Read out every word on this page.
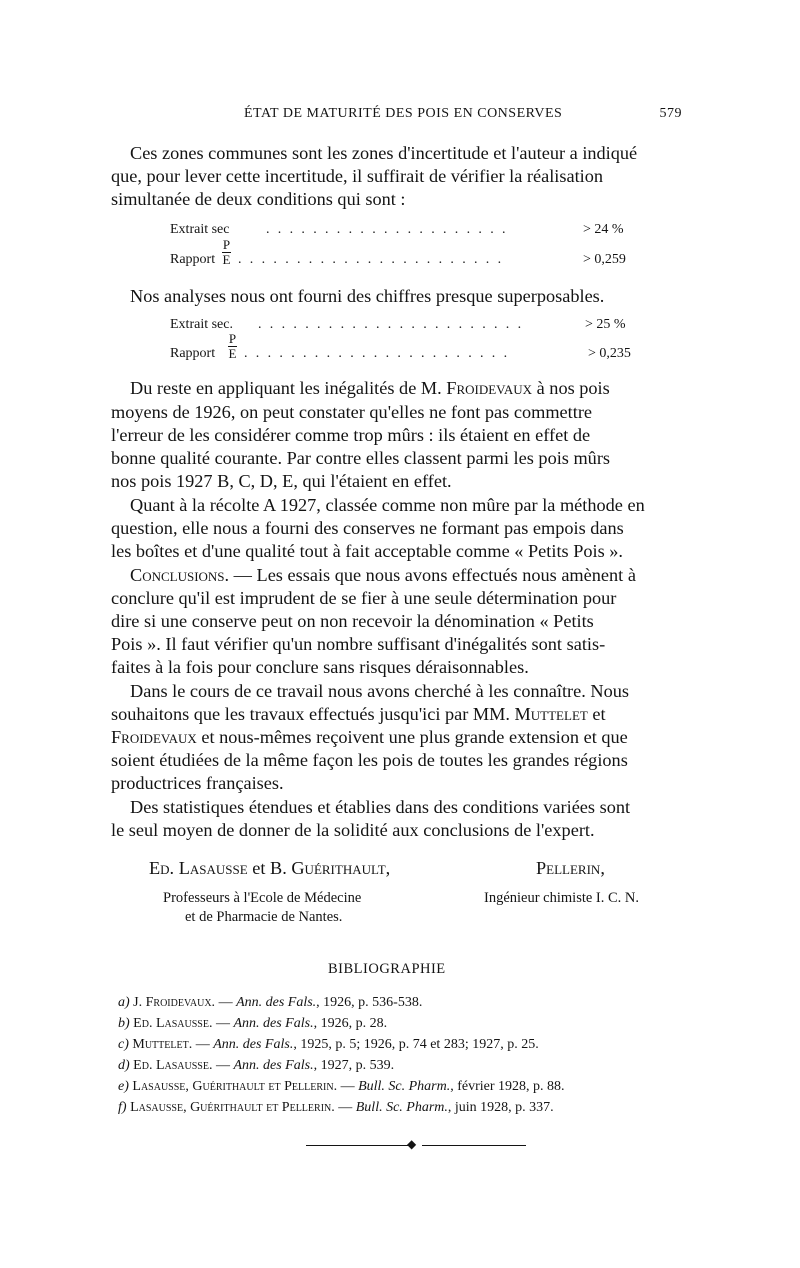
ÉTAT DE MATURITÉ DES POIS EN CONSERVES	579
Ces zones communes sont les zones d'incertitude et l'auteur a indiqué
que, pour lever cette incertitude, il suffirait de vérifier la réalisation
simultanée de deux conditions qui sont :
Extrait sec	. . . . . . . . . . . . . . . . . . . . .	> 24 %
Rapport
P
E . . . . . . . . . . . . . . . . . . . . . . .	> 0,259
Nos analyses nous ont fourni des chiffres presque superposables.
Extrait sec. . . . . . . . . . . . . . . . . . . . . . . .	> 25 %
Rapport
P
E . . . . . . . . . . . . . . . . . . . . . . .	> 0,235
Du reste en appliquant les inégalités de M. Froidevaux à nos pois
moyens de 1926, on peut constater qu'elles ne font pas commettre
l'erreur de les considérer comme trop mûrs : ils étaient en effet de
bonne qualité courante. Par contre elles classent parmi les pois mûrs
nos pois 1927 B, C, D, E, qui l'étaient en effet.
Quant à la récolte A 1927, classée comme non mûre par la méthode en
question, elle nous a fourni des conserves ne formant pas empois dans
les boîtes et d'une qualité tout à fait acceptable comme « Petits Pois ».
Conclusions. — Les essais que nous avons effectués nous amènent à
conclure qu'il est imprudent de se fier à une seule détermination pour
dire si une conserve peut on non recevoir la dénomination « Petits
Pois ». Il faut vérifier qu'un nombre suffisant d'inégalités sont satis-
faites à la fois pour conclure sans risques déraisonnables.
Dans le cours de ce travail nous avons cherché à les connaître. Nous
souhaitons que les travaux effectués jusqu'ici par MM. Muttelet et
Froidevaux et nous-mêmes reçoivent une plus grande extension et que
soient étudiées de la même façon les pois de toutes les grandes régions
productrices françaises.
Des statistiques étendues et établies dans des conditions variées sont
le seul moyen de donner de la solidité aux conclusions de l'expert.
Ed. Lasausse et B. Guérithault,
Professeurs à l'Ecole de Médecine
et de Pharmacie de Nantes.
Pellerin,
Ingénieur chimiste I. C. N.
BIBLIOGRAPHIE
a) J. Froidevaux. — Ann. des Fals., 1926, p. 536-538.
b) Ed. Lasausse. — Ann. des Fals., 1926, p. 28.
c) Muttelet. — Ann. des Fals., 1925, p. 5; 1926, p. 74 et 283; 1927, p. 25.
d) Ed. Lasausse. — Ann. des Fals., 1927, p. 539.
e) Lasausse, Guérithault et Pellerin. — Bull. Sc. Pharm., février 1928, p. 88.
f) Lasausse, Guérithault et Pellerin. — Bull. Sc. Pharm., juin 1928, p. 337.
◆
